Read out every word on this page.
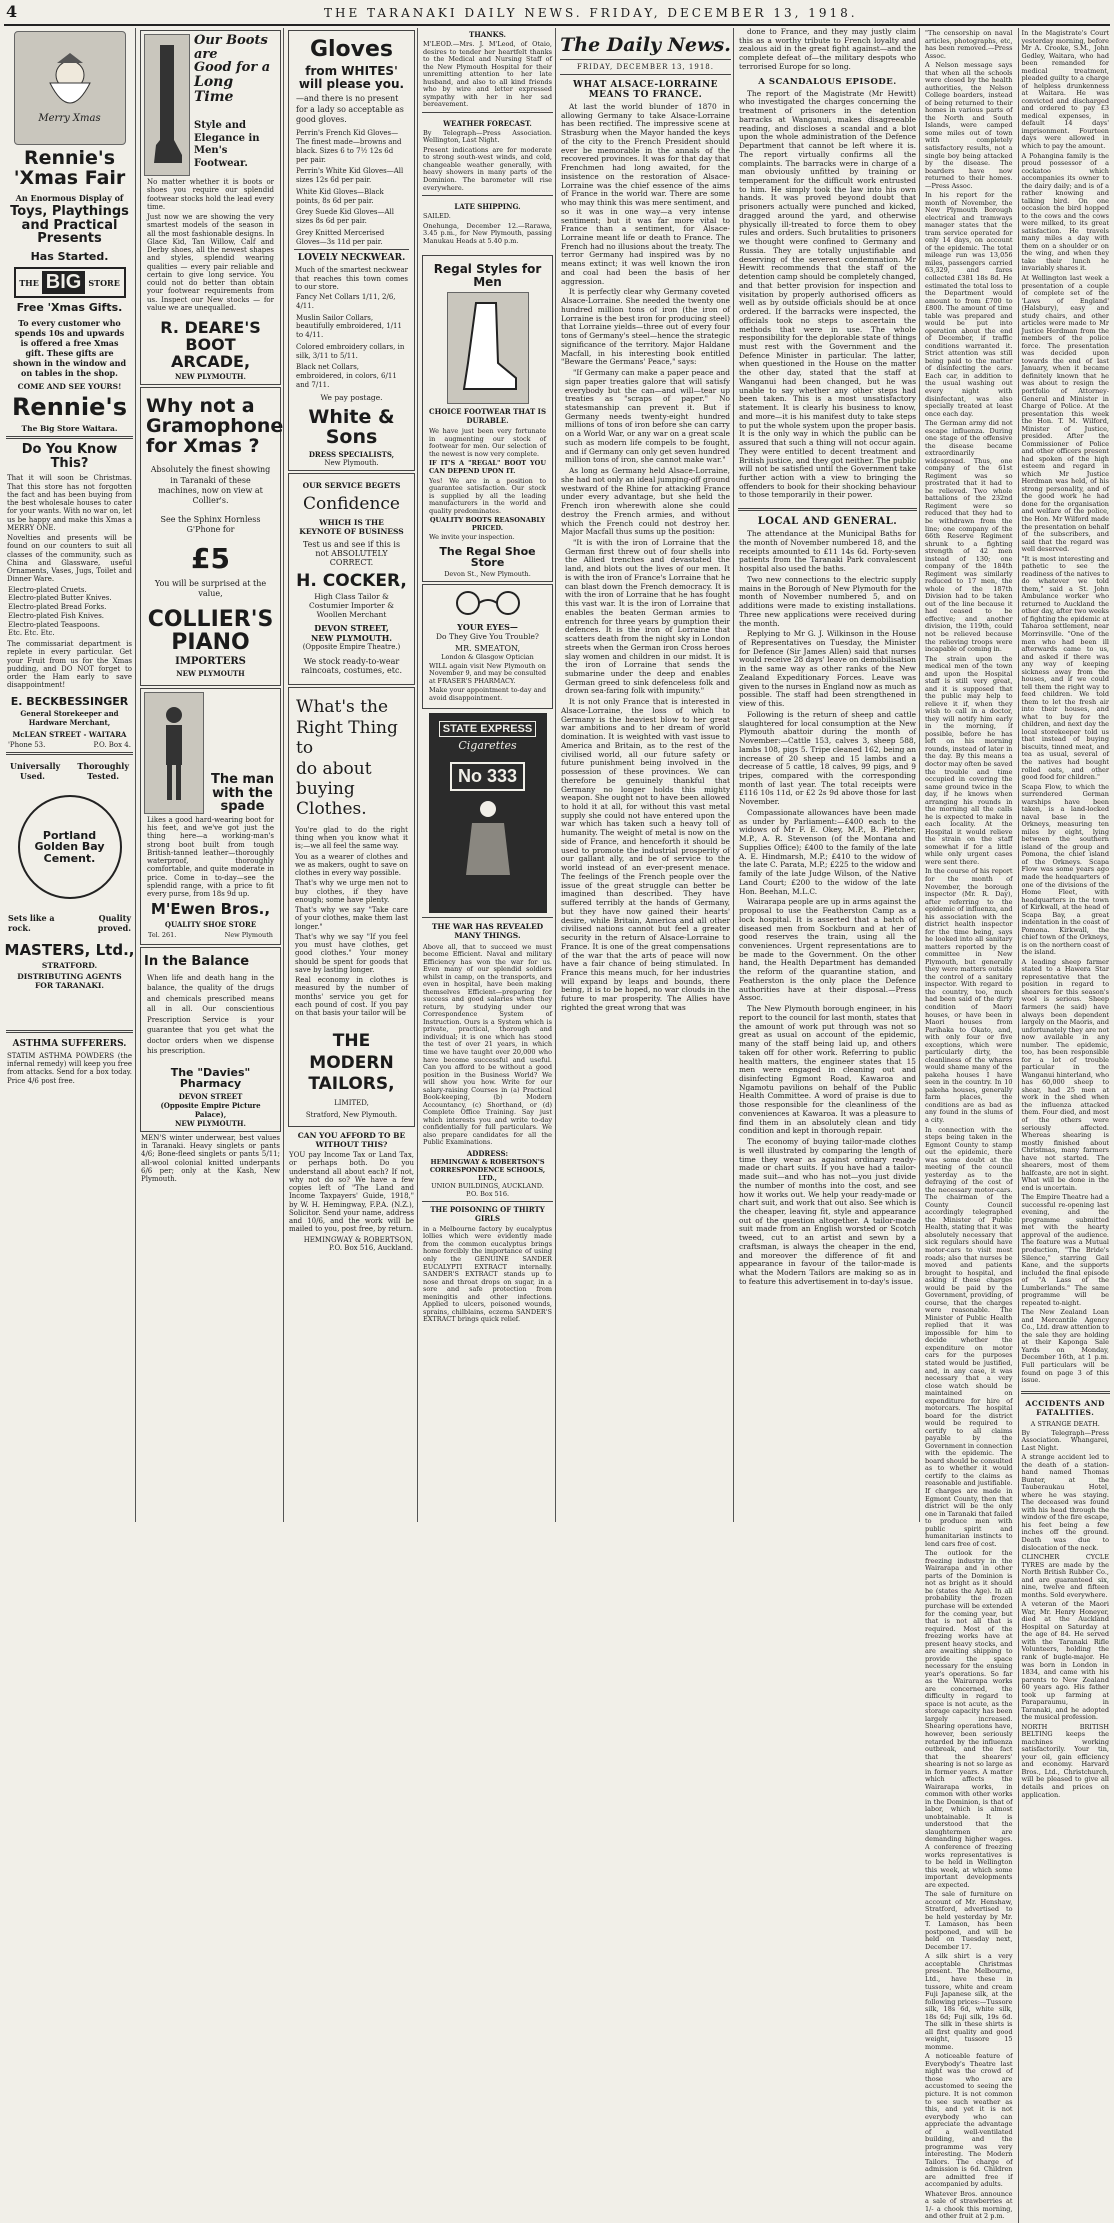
4	THE TARANAKI DAILY NEWS. FRIDAY, DECEMBER 13, 1918.
Merry Xmas
Rennie's 'Xmas Fair
An Enormous Display of
Toys, Playthings and Practical Presents
Has Started.
THE BIG STORE
Free 'Xmas Gifts.
To every customer who spends 10s and upwards is offered a free Xmas gift. These gifts are shown in the window and on tables in the shop.
COME AND SEE YOURS!
Rennie's
The Big Store Waitara.
Do You Know This?
That it will soon be Christmas. That this store has not forgotten the fact and has been buying from the best wholesale houses to cater for your wants. With no war on, let us be happy and make this Xmas a MERRY ONE.
Novelties and presents will be found on our counters to suit all classes of the community, such as China and Glassware, useful Ornaments, Vases, Jugs, Toilet and Dinner Ware.
Electro-plated Cruets.
Electro-plated Butter Knives.
Electro-plated Bread Forks.
Electro-plated Fish Knives.
Electro-plated Teaspoons.
Etc. Etc. Etc.
The commissariat department is replete in every particular. Get your Fruit from us for the Xmas pudding, and DO NOT forget to order the Ham early to save disappointment!
E. BECKBESSINGER
General Storekeeper and Hardware Merchant,
McLEAN STREET - WAITARA
'Phone 53.	P.O. Box 4.
Universally Thoroughly
Used.	Tested.
Portland Golden Bay Cement.
Sets like a rock.
Quality proved.
MASTERS, Ltd.,
STRATFORD.
DISTRIBUTING AGENTS FOR TARANAKI.
ASTHMA SUFFERERS.
STATIM ASTHMA POWDERS (the infernal remedy) will keep you free from attacks. Send for a box today. Price 4/6 post free.
Our Boots are
Good for a
Long Time
Style and
Elegance in
Men's
Footwear.
No matter whether it is boots or shoes you require our splendid footwear stocks hold the lead every time.
Just now we are showing the very smartest models of the season in all the most fashionable designs. In Glace Kid, Tan Willow, Calf and Derby shoes, all the newest shapes and styles, splendid wearing qualities — every pair reliable and certain to give long service. You could not do better than obtain your footwear requirements from us. Inspect our New stocks — for value we are unequalled.
R. DEARE'S BOOT ARCADE,
NEW PLYMOUTH.
Why not a Gramophone for Xmas ?
Absolutely the finest showing in Taranaki of these machines, now on view at Collier's.
See the Sphinx Hornless G'Phone for
£5
You will be surprised at the value,
COLLIER'S PIANO
IMPORTERS
NEW PLYMOUTH
The man with the spade
Likes a good hard-wearing boot for his feet, and we've got just the thing here—a working-man's strong boot built from tough British-tanned leather—thoroughly waterproof, thoroughly comfortable, and quite moderate in price. Come in to-day—see the splendid range, with a price to fit every purse, from 18s 9d up.
M'Ewen Bros.,
QUALITY SHOE STORE
Tel. 261.	New Plymouth
In the Balance
When life and death hang in the balance, the quality of the drugs and chemicals prescribed means all in all. Our conscientious Prescription Service is your guarantee that you get what the doctor orders when we dispense his prescription.
The "Davies" Pharmacy
DEVON STREET
(Opposite Empire Picture Palace),
NEW PLYMOUTH.
MEN'S winter underwear, best values in Taranaki. Heavy singlets or pants 4/6; Bone-fleed singlets or pants 5/11; all-wool colonial knitted underpants 6/6 per; only at the Kash, New Plymouth.
Gloves
from WHITES' will please you.
—and there is no present for a lady so acceptable as good gloves.
Perrin's French Kid Gloves—The finest made—browns and black. Sizes 6 to 7½ 12s 6d per pair.
Perrin's White Kid Gloves—All sizes 12s 6d per pair.
White Kid Gloves—Black points, 8s 6d per pair.
Grey Suede Kid Gloves—All sizes 8s 6d per pair.
Grey Knitted Mercerised Gloves—3s 11d per pair.
LOVELY NECKWEAR.
Much of the smartest neckwear that reaches this town comes to our store.
Fancy Net Collars 1/11, 2/6, 4/11.
Muslin Sailor Collars, beautifully embroidered, 1/11 to 4/11.
Colored embroidery collars, in silk, 3/11 to 5/11.
Black net Collars, embroidered, in colors, 6/11 and 7/11.
We pay postage.
White & Sons
DRESS SPECIALISTS,
New Plymouth.
OUR SERVICE BEGETS
Confidence
WHICH IS THE KEYNOTE OF BUSINESS
Test us and see if this is not ABSOLUTELY CORRECT.
H. COCKER,
High Class Tailor & Costumier Importer & Woollen Merchant
DEVON STREET,
NEW PLYMOUTH.
(Opposite Empire Theatre.)
We stock ready-to-wear raincoats, costumes, etc.
What's the
Right Thing to
do about
buying Clothes.
You're glad to do the right thing when you know what it is;—we all feel the same way.
You as a wearer of clothes and we as makers, ought to save on clothes in every way possible.
That's why we urge men not to buy clothes, if they have enough; some have plenty.
That's why we say "Take care of your clothes, make them last longer."
That's why we say "If you feel you must have clothes, get good clothes." Your money should be spent for goods that save by lasting longer.
Real economy in clothes is measured by the number of months' service you get for each pound of cost. If you pay on that basis your tailor will be
THE MODERN TAILORS,
LIMITED,
Stratford, New Plymouth.
CAN YOU AFFORD TO BE WITHOUT THIS?
YOU pay Income Tax or Land Tax, or perhaps both. Do you understand all about each? If not, why not do so? We have a few copies left of "The Land and Income Taxpayers' Guide, 1918," by W. H. Hemingway, F.P.A. (N.Z.), Solicitor. Send your name, address and 10/6, and the work will be mailed to you, post free, by return.
HEMINGWAY & ROBERTSON,
P.O. Box 516, Auckland.
THANKS.
M'LEOD.—Mrs. J. M'Leod, of Otaio, desires to tender her heartfelt thanks to the Medical and Nursing Staff of the New Plymouth Hospital for their unremitting attention to her late husband, and also to all kind friends who by wire and letter expressed sympathy with her in her sad bereavement.
WEATHER FORECAST.
By Telegraph—Press Association. Wellington, Last Night.
Present indications are for moderate to strong south-west winds, and cold, changeable weather generally, with heavy showers in many parts of the Dominion. The barometer will rise everywhere.
LATE SHIPPING.
SAILED.
Onehunga, December 12.—Rarawa, 3.45 p.m., for New Plymouth, passing Manukau Heads at 5.40 p.m.
Regal Styles for Men
CHOICE FOOTWEAR THAT IS DURABLE.
We have just been very fortunate in augmenting our stock of footwear for men. Our selection of the newest is now very complete.
IF IT'S A "REGAL" BOOT YOU CAN DEPEND UPON IT.
Yes! We are in a position to guarantee satisfaction. Our stock is supplied by all the leading manufacturers in the world and quality predominates.
QUALITY BOOTS REASONABLY PRICED.
We invite your inspection.
The Regal Shoe Store
Devon St., New Plymouth.
YOUR EYES—
Do They Give You Trouble?
MR. SMEATON,
London & Glasgow Optician
WILL again visit New Plymouth on November 9, and may be consulted at FRASER'S PHARMACY.
Make your appointment to-day and avoid disappointment.
STATE EXPRESS
Cigarettes
No 333
THE WAR HAS REVEALED MANY THINGS.
Above all, that to succeed we must become Efficient. Naval and military Efficiency has won the war for us. Even many of our splendid soldiers whilst in camp, on the transports, and even in hospital, have been making themselves Efficient—preparing for success and good salaries when they return, by studying under our Correspondence System of Instruction. Ours is a System which is private, practical, thorough and individual; it is one which has stood the test of over 21 years, in which time we have taught over 20,000 who have become successful and useful. Can you afford to be without a good position in the Business World? We will show you how. Write for our salary-raising Courses in (a) Practical Book-keeping, (b) Modern Accountancy, (c) Shorthand, or (d) Complete Office Training. Say just which interests you and write to-day confidentially for full particulars. We also prepare candidates for all the Public Examinations.
ADDRESS:
HEMINGWAY & ROBERTSON'S CORRESPONDENCE SCHOOLS, LTD.,
UNION BUILDINGS, AUCKLAND.
P.O. Box 516.
THE POISONING OF THIRTY GIRLS
in a Melbourne factory by eucalyptus lollies which were evidently made from the common eucalyptus brings home forcibly the importance of using only the GENUINE SANDER EUCALYPTI EXTRACT internally. SANDER'S EXTRACT stands up to nose and throat drops on sugar, in a sore and safe protection from meningitis and other infections. Applied to ulcers, poisoned wounds, sprains, chilblains, eczema SANDER'S EXTRACT brings quick relief.
The Daily News.
FRIDAY, DECEMBER 13, 1918.
WHAT ALSACE-LORRAINE MEANS TO FRANCE.
At last the world blunder of 1870 in allowing Germany to take Alsace-Lorraine has been rectified. The impressive scene at Strasburg when the Mayor handed the keys of the city to the French President should ever be memorable in the annals of the recovered provinces. It was for that day that Frenchmen had long awaited, for the insistence on the restoration of Alsace-Lorraine was the chief essence of the aims of France in the world war. There are some who may think this was mere sentiment, and so it was in one way—a very intense sentiment; but it was far more vital to France than a sentiment, for Alsace-Lorraine meant life or death to France. The French had no illusions about the treaty. The terror Germany had inspired was by no means extinct; it was well known the iron and coal had been the basis of her aggression.
It is perfectly clear why Germany coveted Alsace-Lorraine. She needed the twenty one hundred million tons of iron (the iron of Lorraine is the best iron for producing steel) that Lorraine yields—three out of every four tons of Germany's steel—hence the strategic significance of the territory. Major Haldane Macfall, in his interesting book entitled "Beware the Germans' Peace," says:
"If Germany can make a paper peace and sign paper treaties galore that will satisfy everybody but the can—and will—tear up treaties as "scraps of paper." No statesmanship can prevent it. But if Germany needs twenty-eight hundred millions of tons of iron before she can carry on a World War, or any war on a great scale such as modern life compels to be fought, and if Germany can only get seven hundred million tons of iron, she cannot make war."
As long as Germany held Alsace-Lorraine, she had not only an ideal jumping-off ground westward of the Rhine for attacking France under every advantage, but she held the French iron wherewith alone she could destroy the French armies, and without which the French could not destroy her. Major Macfall thus sums up the position:
"It is with the iron of Lorraine that the German first threw out of four shells into the Allied trenches and devastated the land, and blots out the lives of our men. It is with the iron of France's Lorraine that he can blast down the French democracy. It is with the iron of Lorraine that he has fought this vast war. It is the iron of Lorraine that enables the beaten German armies to entrench for three years by gumption their defences. It is the iron of Lorraine that scatters death from the night sky in London streets when the German iron Cross heroes slay women and children in our midst. It is the iron of Lorraine that sends the submarine under the deep and enables German greed to sink defenceless folk and drown sea-faring folk with impunity."
It is not only France that is interested in Alsace-Lorraine, the loss of which to Germany is the heaviest blow to her great war ambitions and to her dream of world domination. It is weighted with vast issue to America and Britain, as to the rest of the civilised world, all our future safety or future punishment being involved in the possession of these provinces. We can therefore be genuinely thankful that Germany no longer holds this mighty weapon. She ought not to have been allowed to hold it at all, for without this vast metal supply she could not have entered upon the war which has taken such a heavy toll of humanity. The weight of metal is now on the side of France, and henceforth it should be used to promote the industrial prosperity of our gallant ally, and be of service to the world instead of an ever-present menace. The feelings of the French people over the issue of the great struggle can better be imagined than described. They have suffered terribly at the hands of Germany, but they have now gained their hearts' desire, while Britain, America and all other civilised nations cannot but feel a greater security in the return of Alsace-Lorraine to France. It is one of the great compensations of the war that the arts of peace will now have a fair chance of being stimulated. In France this means much, for her industries will expand by leaps and bounds, there being, it is to be hoped, no war clouds in the future to mar prosperity. The Allies have righted the great wrong that was
done to France, and they may justly claim this as a worthy tribute to French loyalty and zealous aid in the great fight against—and the complete defeat of—the military despots who terrorised Europe for so long.
A SCANDALOUS EPISODE.
The report of the Magistrate (Mr Hewitt) who investigated the charges concerning the treatment of prisoners in the detention barracks at Wanganui, makes disagreeable reading, and discloses a scandal and a blot upon the whole administration of the Defence Department that cannot be left where it is. The report virtually confirms all the complaints. The barracks were in charge of a man obviously unfitted by training or temperament for the difficult work entrusted to him. He simply took the law into his own hands. It was proved beyond doubt that prisoners actually were punched and kicked, dragged around the yard, and otherwise physically ill-treated to force them to obey rules and orders. Such brutalities to prisoners we thought were confined to Germany and Russia. They are totally unjustifiable and deserving of the severest condemnation. Mr Hewitt recommends that the staff of the detention camp should be completely changed, and that better provision for inspection and visitation by properly authorised officers as well as by outside officials should be at once ordered. If the barracks were inspected, the officials took no steps to ascertain the methods that were in use. The whole responsibility for the deplorable state of things must rest with the Government and the Defence Minister in particular. The latter, when questioned in the House on the matter the other day, stated that the staff at Wanganui had been changed, but he was unable to say whether any other steps had been taken. This is a most unsatisfactory statement. It is clearly his business to know, and more—it is his manifest duty to take steps to put the whole system upon the proper basis. It is the only way in which the public can be assured that such a thing will not occur again. They were entitled to decent treatment and British justice, and they got neither. The public will not be satisfied until the Government take further action with a view to bringing the offenders to book for their shocking behaviour to those temporarily in their power.
LOCAL AND GENERAL.
The attendance at the Municipal Baths for the month of November numbered 18, and the receipts amounted to £11 14s 6d. Forty-seven patients from the Taranaki Park convalescent hospital also used the baths.
Two new connections to the electric supply mains in the Borough of New Plymouth for the month of November numbered 5, and on additions were made to existing installations. Three new applications were received during the month.
Replying to Mr G. J. Wilkinson in the House of Representatives on Tuesday, the Minister for Defence (Sir James Allen) said that nurses would receive 28 days' leave on demobilisation in the same way as other ranks of the New Zealand Expeditionary Forces. Leave was given to the nurses in England now as much as possible. The staff had been strengthened in view of this.
Following is the return of sheep and cattle slaughtered for local consumption at the New Plymouth abattoir during the month of November:—Cattle 153, calves 3, sheep 588, lambs 108, pigs 5. Tripe cleaned 162, being an increase of 20 sheep and 15 lambs and a decrease of 5 cattle, 18 calves, 99 pigs, and 9 tripes, compared with the corresponding month of last year. The total receipts were £116 10s 11d, or £2 2s 9d above those for last November.
Compassionate allowances have been made as under by Parliament:—£400 each to the widows of Mr F. E. Okey, M.P., B. Pletcher, M.P., A. R. Stevenson (of the Montana and Supplies Office); £400 to the family of the late A. E. Hindmarsh, M.P.; £410 to the widow of the late C. Parata, M.P.; £225 to the widow and family of the late Judge Wilson, of the Native Land Court; £200 to the widow of the late Hon. Beehan, M.L.C.
Wairarapa people are up in arms against the proposal to use the Featherston Camp as a lock hospital. It is asserted that a batch of diseased men from Sockburn and at her of good reserves the train, using all the conveniences. Urgent representations are to be made to the Government. On the other hand, the Health Department has demanded the reform of the quarantine station, and Featherston is the only place the Defence authorities have at their disposal.—Press Assoc.
The New Plymouth borough engineer, in his report to the council for last month, states that the amount of work put through was not so great as usual on account of the epidemic, many of the staff being laid up, and others taken off for other work. Referring to public health matters, the engineer states that 15 men were engaged in cleaning out and disinfecting Egmont Road, Kawaroa and Ngamotu pavilions on behalf of the Public Health Committee. A word of praise is due to those responsible for the cleanliness of the conveniences at Kawaroa. It was a pleasure to find them in an absolutely clean and tidy condition and kept in thorough repair.
The economy of buying tailor-made clothes is well illustrated by comparing the length of time they wear as against ordinary ready-made or chart suits. If you have had a tailor-made suit—and who has not—you just divide the number of months into the cost, and see how it works out. We help your ready-made or chart suit, and work that out also. See which is the cheaper, leaving fit, style and appearance out of the question altogether. A tailor-made suit made from an English worsted or Scotch tweed, cut to an artist and sewn by a craftsman, is always the cheaper in the end, and moreover the difference of fit and appearance in favour of the tailor-made is what the Modern Tailors are making so as in to feature this advertisement in to-day's issue.
"The censorship on naval articles, photographs, etc, has been removed.—Press Assoc.
A Nelson message says that when all the schools were closed by the health authorities, the Nelson College boarders, instead of being returned to their homes in various parts of the North and South Islands, were camped some miles out of town with completely satisfactory results, not a single boy being attacked by the disease. The boarders have now returned to their homes.—Press Assoc.
In his report for the month of November, the New Plymouth Borough electrical and tramways manager states that the tram service operated for only 14 days, on account of the epidemic. The total mileage run was 13,056 miles, passengers carried 63,329, and fares collected £381 18s 8d. He estimated the total loss to the Department would amount to from £700 to £800. The amount of time table was prepared and would be put into operation about the end of December, if traffic conditions warranted it. Strict attention was still being paid to the matter of disinfecting the cars. Each car, in addition to the usual washing out every night with disinfectant, was also specially treated at least once each day.
The German army did not escape influenza. During one stage of the offensive the disease became extraordinarily widespread. Thus, one company of the 61st Regiment was so prostrated that it had to be relieved. Two whole battalions of the 232nd Regiment were so reduced that they had to be withdrawn from the line; one company of the 66th Reserve Regiment shrunk to a fighting strength of 42 men instead of 130; one company of the 184th Regiment was similarly reduced to 17 men, the whole of the 187th Division had to be taken out of the line because it had ceased to be effective; and another division, the 119th, could not be relieved because the relieving troops were incapable of coming in.
The strain upon the medical men of the town and upon the Hospital staff is still very great, and it is supposed that the public may help to relieve it if, when they wish to call in a doctor, they will notify him early in the morning, if possible, before he has left on his morning rounds, instead of later in the day. By this means a doctor may often be saved the trouble and time occupied in covering the same ground twice in the day, if he knows when arranging his rounds in the morning all the calls he is expected to make in each locality. At the Hospital it would relieve the strain on the staff somewhat if for a little while only urgent cases were sent there.
In the course of his report for the month of November, the borough inspector (Mr. R. Day), after referring to the epidemic of influenza, and his association with the district health inspector for the time being, says he looked into all sanitary matters reported by the committee in New Plymouth, but generally they were matters outside the control of a sanitary inspector. With regard to the country, too, much had been said of the dirty condition of Maori houses, or have been in Maori houses from Parihaka to Okato, and, with only four or five exceptions, which were particularly dirty, the cleanliness of the whares would shame many of the pakeha houses I have seen in the country. In 10 pakeha houses, generally farm places, the conditions are as bad as any found in the slums of a city.
In connection with the steps being taken in the Egmont County to stamp out the epidemic, there was some doubt at the meeting of the council yesterday as to the defraying of the cost of the necessary motor-cars. The chairman of the County Council accordingly telegraphed the Minister of Public Health, stating that it was absolutely necessary that sick regulars should have motor-cars to visit most roads; also that nurses be moved and patients brought to hospital, and asking if these charges would be paid by the Government, providing, of course, that the charges were reasonable. The Minister of Public Health replied that it was impossible for him to decide whether the expenditure on motor cars for the purposes stated would be justified, and, in any case, it was necessary that a very close watch should be maintained on expenditure for hire of motorcars. The hospital board for the district would be required to certify to all claims payable by the Government in connection with the epidemic. The board should be consulted as to whether it would certify to the claims as reasonable and justifiable. If charges are made in Egmont County, then that district will be the only one in Taranaki that failed to produce men with public spirit and humanitarian instincts to lend cars free of cost.
The outlook for the freezing industry in the Wairarapa and in other parts of the Dominion is not as bright as it should be (states the Age). In all probability the frozen purchase will be extended for the coming year, but that is not all that is required. Most of the freezing works have at present heavy stocks, and are awaiting shipping to provide the space necessary for the ensuing year's operations. So far as the Wairarapa works are concerned, the difficulty in regard to space is not acute, as the storage capacity has been largely increased. Shearing operations have, however, been seriously retarded by the influenza outbreak, and the fact that the shearers' shearing is not so large as in former years. A matter which affects the Wairarapa works, in common with other works in the Dominion, is that of labor, which is almost unobtainable. It is understood that the slaughtermen are demanding higher wages. A conference of freezing works representatives is to be held in Wellington this week, at which some important developments are expected.
The sale of furniture on account of Mr. Henshaw, Stratford, advertised to be held yesterday by Mr. T. Lamason, has been postponed, and will be held on Tuesday next, December 17.
A silk shirt is a very acceptable Christmas present. The Melbourne, Ltd., have these in tussore, white and cream Fuji Japanese silk, at the following prices:—Tussore silk, 18s 6d, white silk, 18s 6d; Fuji silk, 19s 6d. The silk in these shirts is all first quality and good weight, tussore 15 momme.
A noticeable feature of Everybody's Theatre last night was the crowd of those who are accustomed to seeing the picture. It is not common to see such weather as this, and yet it is not everybody who can appreciate the advantage of a well-ventilated building, and the programme was very interesting. The Modern Tailors. The charge of admission is 6d. Children are admitted free if accompanied by adults.
Whatever Bros. announce a sale of strawberries at 1/- a chook this morning, and other fruit at 2 p.m.
In the Magistrate's Court yesterday morning, before Mr A. Crooke, S.M., John Gedley, Waitara, who had been remanded for medical treatment, pleaded guilty to a charge of helpless drunkenness at Waitara. He was convicted and discharged and ordered to pay £3 medical expenses, in default 14 days' imprisonment. Fourteen days were allowed in which to pay the amount.
A Pohangina family is the proud possessor of a cockatoo which accompanies its owner to the dairy daily; and is of a rather knowing and talking bird. On one occasion the bird hopped to the cows and the cows were milked, to its great satisfaction. He travels many miles a day with them on a shoulder or on the wing, and when they take their lunch he invariably shares it.
At Wellington last week a presentation of a couple of complete set of the 'Laws of England' (Halsbury), easy and study chairs, and other articles were made to Mr Justice Herdman from the members of the police force. The presentation was decided upon towards the end of last January, when it became definitely known that he was about to resign the portfolio of Attorney-General and Minister in Charge of Police. At the presentation this week the Hon. T. M. Wilford, Minister of Justice, presided. After the Commissioner of Police and other officers present had spoken of the high esteem and regard in which Mr Justice Herdman was held, of his strong personality, and of the good work he had done for the organisation and welfare of the police, the Hon. Mr Wilford made the presentation on behalf of the subscribers, and said that the regard was well deserved.
"It is most interesting and pathetic to see the readiness of the natives to do whatever we told them," said a St. John Ambulance worker who returned to Auckland the other day, after two weeks of fighting the epidemic at Taharoa settlement, near Morrinsville. "One of the men who had been ill afterwards came to us, and asked if there was any way of keeping sickness away from the houses, and if we could tell them the right way to feed children. We told them to let the fresh air into their houses, and what to buy for the children, and next day the local storekeeper told us that instead of buying biscuits, tinned meat, and tea as usual, several of the natives had bought rolled oats, and other good food for children."
Scapa Flow, to which the surrendered German warships have been taken, is a land-locked naval base in the Orkneys, measuring ten miles by eight, lying between the southern island of the group and Pomona, the chief island of the Orkneys. Scapa Flow was some years ago made the headquarters of one of the divisions of the Home Fleet, with headquarters in the town of Kirkwall, at the head of Scapa Bay, a great indentation in the coast of Pomona. Kirkwall, the chief town of the Orkneys, is on the northern coast of the island.
A leading sheep farmer stated to a Hawera Star representative that the position in regard to shearers for this season's wool is serious. Sheep farmers (he said) have always been dependent largely on the Maoris, and unfortunately they are not now available in any number. The epidemic, too, has been responsible for a lot of trouble particular in the Wanganui hinterland, who has 60,000 sheep to shear, had 25 men at work in the shed when the influenza attacked them. Four died, and most of the others were seriously affected. Whereas shearing is mostly finished about Christmas, many farmers have not started. The shearers, most of them halfcaste, are not in sight. What will be done in the end is uncertain.
The Empire Theatre had a successful re-opening last evening, and the programme submitted met with the hearty approval of the audience. The feature was a Mutual production, "The Bride's Silence," starring Gail Kane, and the supports included the final episode of "A Lass of the Lumberlands." The same programme will be repeated to-night.
The New Zealand Loan and Mercantile Agency Co., Ltd. draw attention to the sale they are holding at their Kaponga Sale Yards on Monday, December 16th, at 1 p.m. Full particulars will be found on page 3 of this issue.
ACCIDENTS AND FATALITIES.
A STRANGE DEATH.
By Telegraph—Press Association. Whangarei, Last Night.
A strange accident led to the death of a station-hand named Thomas Bunter, at the Tauberaukau Hotel, where he was staying. The deceased was found with his head through the window of the fire escape, his feet being a few inches off the ground. Death was due to dislocation of the neck.
CLINCHER CYCLE TYRES are made by the North British Rubber Co., and are guaranteed six, nine, twelve and fifteen months. Sold everywhere.
A veteran of the Maori War, Mr. Henry Honeyer, died at the Auckland Hospital on Saturday at the age of 84. He served with the Taranaki Rifle Volunteers, holding the rank of bugle-major. He was born in London in 1834, and came with his parents to New Zealand 60 years ago. His father took up farming at Paraparaumu, in Taranaki, and he adopted the musical profession.
NORTH BRITISH BELTING keeps the machines working satisfactorily. Your tin, your oil, gain efficiency and economy. Harvard Bros., Ltd., Christchurch, will be pleased to give all details and prices on application.
